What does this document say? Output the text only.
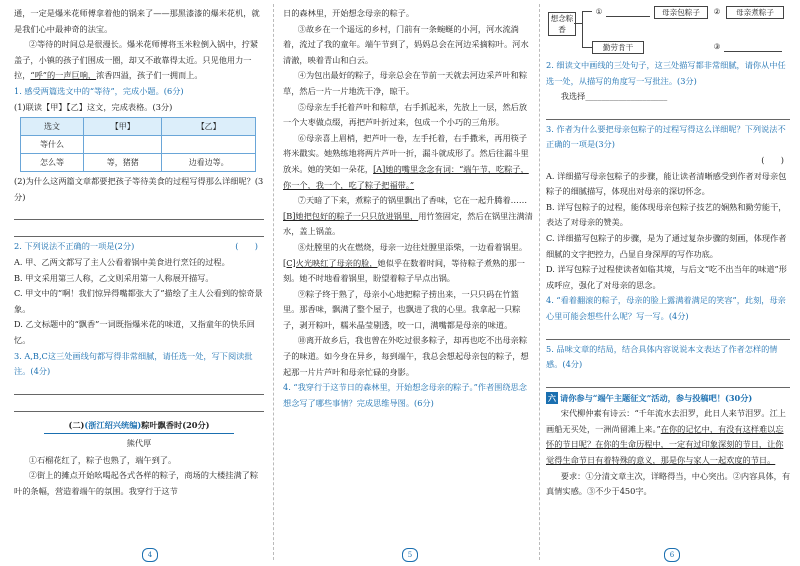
通，一定是爆米花师傅拿着他的锅来了——那黑漆漆的爆米花机，就是我们心中最神奇的法宝。

②等待的时间总是很漫长。爆米花师傅将玉米粒倒入锅中，拧紧盖子，小镇的孩子们围成一圈，却又不敢靠得太近。只见他用力一拉，“呼”的一声巨响，浓香四溢，孩子们一拥而上。

1. 感受两篇选文中的“等待”，完成小题。(6分)

(1)联读【甲】【乙】这文，完成表格。(3分)

选文	【甲】	【乙】
等什么		
怎么等	等，猪猪	边看边等。

(2)为什么这两篇文章都要把孩子等待美食的过程写得那么详细呢？(3分)

2. 下列说法不正确的一项是(2分)	(　　)

A. 甲、乙两文都写了主人公看着锅中美食进行烹饪的过程。

B. 甲文采用第三人称，乙文则采用第一人称展开描写。

C. 甲文中的“啊！我们惊异得嘴都张大了”描绘了主人公看到的惊奇景象。

D. 乙文标题中的“飘香”一词既指爆米花的味道，又指童年的快乐回忆。

3. A,B,C这三处画线句都写得非常细腻，请任选一处，写下阅读批注。(4分)

(二)(浙江绍兴统编)粽叶飘香时(20分)

熊代厚

①石榴花红了，粽子也熟了，端午到了。

②街上的摊点开始吆喝起各式各样的粽子，商场的大楼挂满了粽叶的条幅，营造着端午的氛围。我穿行于这节

日的森林里，开始想念母亲的粽子。

③故乡在一个遥远的乡村，门前有一条蜿蜒的小河，河水流淌着，流过了我的童年。端午节到了，妈妈总会在河边采摘粽叶。河水清澈，映着青山和白云。

④为包出最好的粽子，母亲总会在节前一天就去河边采芦叶和粽草，然后一片一片地洗干净，晾干。

⑤母亲左手托着芦叶和粽草，右手抓起米，先放上一层，然后放一个大枣做点缀，再把芦叶折过来，包成一个小巧的三角形。

⑥母亲喜上眉梢，把芦叶一卷，左手托着，右手撒米，再用筷子将米戳实。她熟练地将两片芦叶一折，漏斗就成形了。然后往漏斗里放米。她的笑如一朵花，[A]她的嘴里念念有词：“端午节，吃粽子，你一个，我一个，吃了粽子把福带。”

⑦天暗了下来，煮粽子的锅里飘出了香味，它在一起升腾着……[B]她把包好的粽子一只只放进锅里，用竹签固定，然后在锅里注满清水，盖上锅盖。

⑧灶膛里的火在燃烧，母亲一边往灶膛里添柴，一边看着锅里。[C]火光映红了母亲的脸，她似乎在数着时间，等待粽子煮熟的那一刻。她不时地看着锅里，盼望着粽子早点出锅。

⑨粽子终于熟了，母亲小心地把粽子捞出来，一只只码在竹篮里。那香味，飘满了整个屋子，也飘进了我的心里。我拿起一只粽子，剥开粽叶，糯米晶莹剔透，咬一口，满嘴都是母亲的味道。

⑩离开故乡后，我也曾在外吃过很多粽子，却再也吃不出母亲粽子的味道。如今身在异乡，每到端午，我总会想起母亲包的粽子，想起那一片片芦叶和母亲忙碌的身影。

4. “我穿行于这节日的森林里，开始想念母亲的粽子。”作者围绕思念想念写了哪些事情？完成思维导图。(6分)

想念粽香
①	母亲包粽子	②	母亲煮粽子
勤劳肯干	③

2. 细读文中画线的三处句子，这三处描写都非常细腻，请你从中任选一处，从描写的角度写一写批注。(3分)

我选择____________________

3. 作者为什么要把母亲包粽子的过程写得这么详细呢？下列说法不正确的一项是(3分)

(　　)

A. 详细描写母亲包粽子的步骤，能让读者清晰感受到作者对母亲包粽子的细腻描写，体现出对母亲的深切怀念。

B. 详写包粽子的过程，能体现母亲包粽子技艺的娴熟和勤劳能干，表达了对母亲的赞美。

C. 详细描写包粽子的步骤，是为了通过复杂步骤的刻画，体现作者细腻的文字把控力，凸显自身深厚的写作功底。

D. 详写包粽子过程使读者如临其境，与后文“吃不出当年的味道”形成呼应，强化了对母亲的思念。

4. “看着翻滚的粽子，母亲的脸上露满着满足的笑容”，此刻，母亲心里可能会想些什么呢？写一写。(4分)

5. 品味文章的结局，结合具体内容说说本文表达了作者怎样的情感。(4分)

六 请你参与“端午主题征文”活动，参与投稿吧！(30分)

宋代柳仲素有诗云：“千年流水去汨罗，此日人来节泪罗。江上画船无买处，一洲尚留滩上来。”在你的记忆中，有没有这样难以忘怀的节日呢？在你的生命历程中，一定有过印象深刻的节日，让你觉得生命节日有着特殊的意义，那是你与家人一起欢度的节日。

要求：①分清文章主次，详略得当，中心突出。②内容具体，有真情实感。③不少于450字。

4	5	6
